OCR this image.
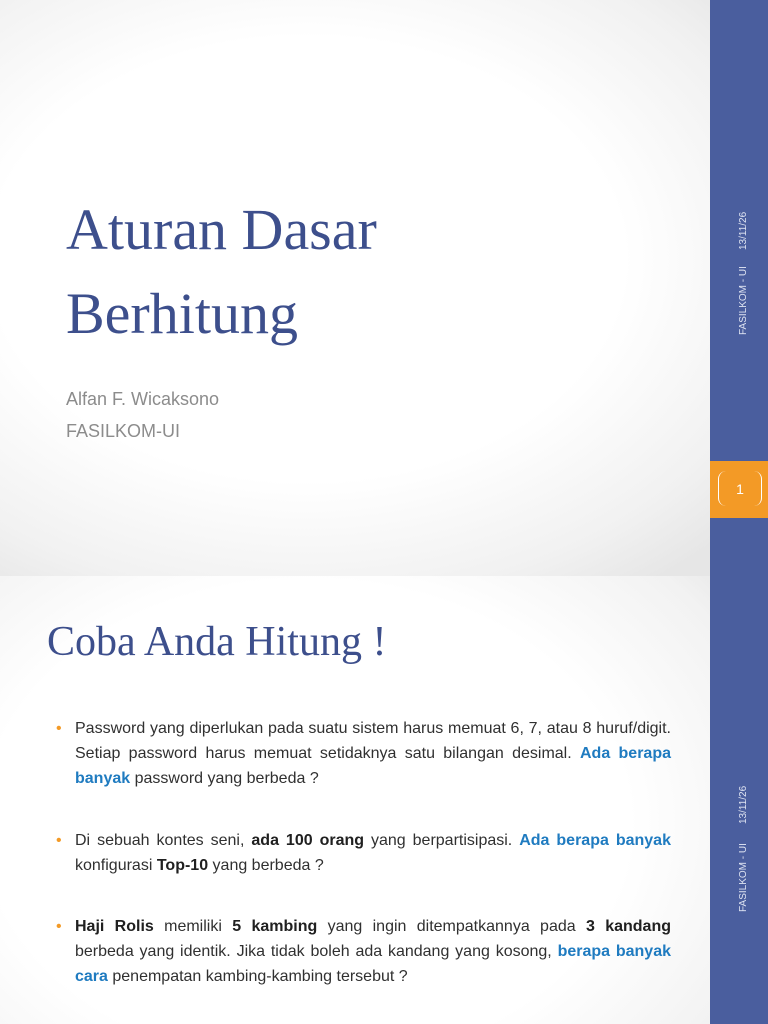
Aturan Dasar
Berhitung
Alfan F. Wicaksono
FASILKOM-UI
13/11/26
FASILKOM - UI
1
Coba Anda Hitung !
• Password yang diperlukan pada suatu sistem harus memuat 6, 7, atau 8 huruf/digit. Setiap password harus memuat setidaknya satu bilangan desimal. Ada berapa banyak password yang berbeda ?
• Di sebuah kontes seni, ada 100 orang yang berpartisipasi. Ada berapa banyak konfigurasi Top-10 yang berbeda ?
• Haji Rolis memiliki 5 kambing yang ingin ditempatkannya pada 3 kandang berbeda yang identik. Jika tidak boleh ada kandang yang kosong, berapa banyak cara penempatan kambing-kambing tersebut ?
13/11/26
FASILKOM - UI
